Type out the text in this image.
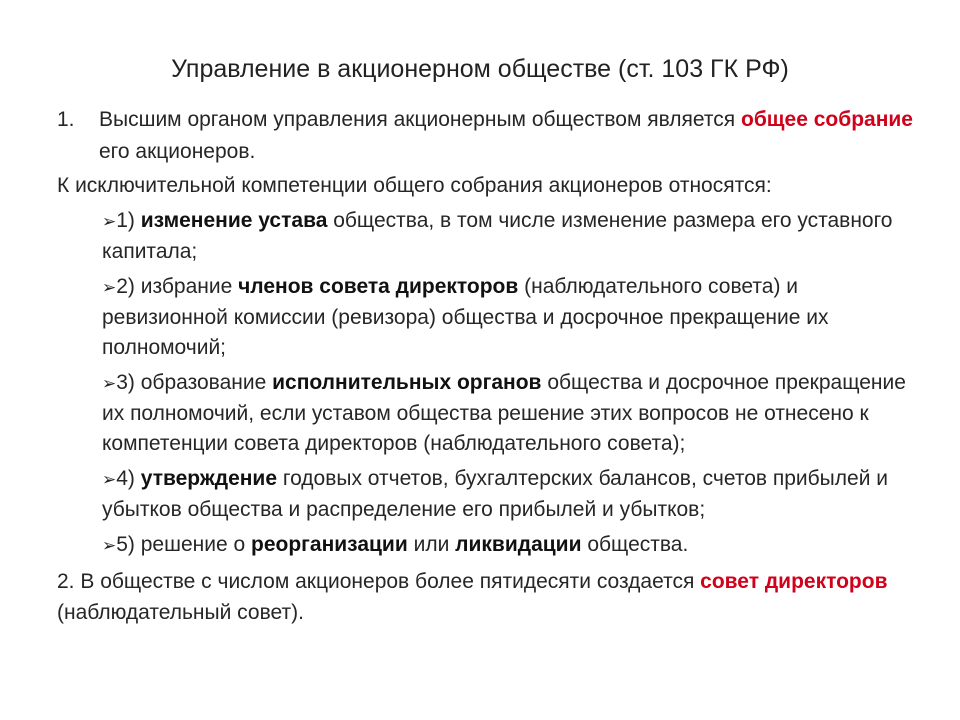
Управление в акционерном обществе (ст. 103 ГК РФ)
1. Высшим органом управления акционерным обществом является общее собрание его акционеров.
К исключительной компетенции общего собрания акционеров относятся:
➢1) изменение устава общества, в том числе изменение размера его уставного капитала;
➢2) избрание членов совета директоров (наблюдательного совета) и ревизионной комиссии (ревизора) общества и досрочное прекращение их полномочий;
➢3) образование исполнительных органов общества и досрочное прекращение их полномочий, если уставом общества решение этих вопросов не отнесено к компетенции совета директоров (наблюдательного совета);
➢4) утверждение годовых отчетов, бухгалтерских балансов, счетов прибылей и убытков общества и распределение его прибылей и убытков;
➢5) решение о реорганизации или ликвидации общества.
2. В обществе с числом акционеров более пятидесяти создается совет директоров (наблюдательный совет).
